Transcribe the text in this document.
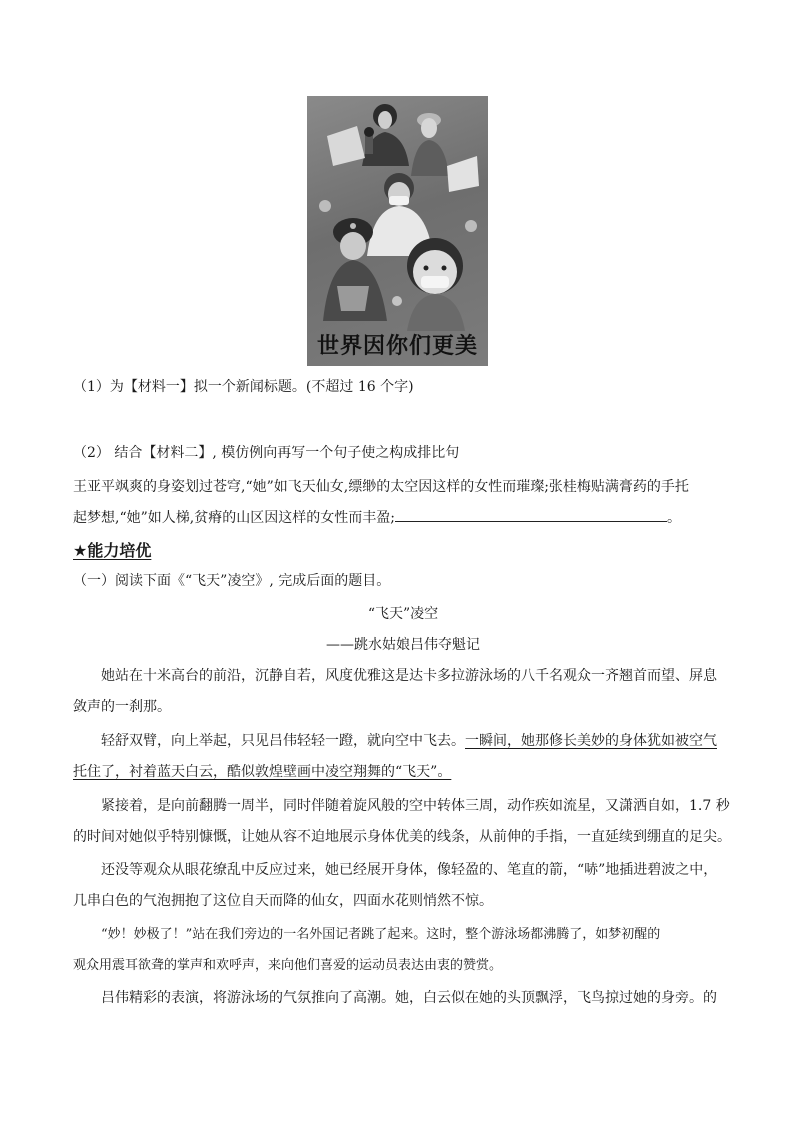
世界因你们更美
（1）为【材料一】拟一个新闻标题。(不超过 16 个字)
（2） 结合【材料二】, 模仿例向再写一个句子使之构成排比句
王亚平飒爽的身姿划过苍穹,“她”如飞天仙女,缥缈的太空因这样的女性而璀璨;张桂梅贴满膏药的手托
起梦想,“她”如人梯,贫瘠的山区因这样的女性而丰盈;	。
★能力培优
（一）阅读下面《“飞天”凌空》, 完成后面的题目。
“飞天”凌空
——跳水姑娘吕伟夺魁记
她站在十米高台的前沿，沉静自若，风度优雅这是达卡多拉游泳场的八千名观众一齐翘首而望、屏息
敛声的一刹那。
轻舒双臂，向上举起，只见吕伟轻轻一蹬，就向空中飞去。一瞬间，她那修长美妙的身体犹如被空气
托住了，衬着蓝天白云，酷似敦煌壁画中凌空翔舞的“飞天”。
紧接着，是向前翻腾一周半，同时伴随着旋风般的空中转体三周，动作疾如流星，又潇洒自如，1.7 秒
的时间对她似乎特别慷慨，让她从容不迫地展示身体优美的线条，从前伸的手指，一直延续到绷直的足尖。
还没等观众从眼花缭乱中反应过来，她已经展开身体，像轻盈的、笔直的箭，“哧”地插进碧波之中，
几串白色的气泡拥抱了这位自天而降的仙女，四面水花则悄然不惊。
“妙！妙极了！”站在我们旁边的一名外国记者跳了起来。这时，整个游泳场都沸腾了，如梦初醒的
观众用震耳欲聋的掌声和欢呼声，来向他们喜爱的运动员表达由衷的赞赏。
吕伟精彩的表演，将游泳场的气氛推向了高潮。她，白云似在她的头顶飘浮，飞鸟掠过她的身旁。的
